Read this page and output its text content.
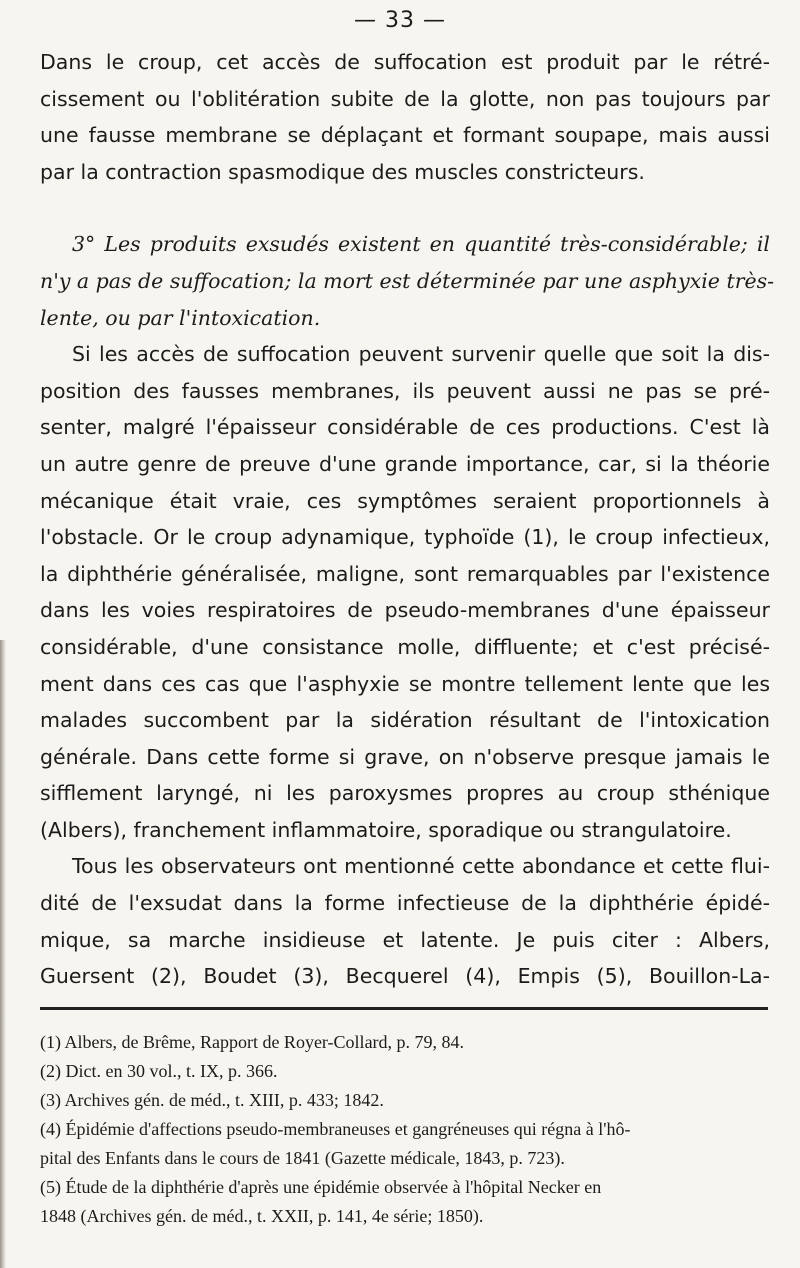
— 33 —
Dans le croup, cet accès de suffocation est produit par le rétré-
cissement ou l'oblitération subite de la glotte, non pas toujours par
une fausse membrane se déplaçant et formant soupape, mais aussi
par la contraction spasmodique des muscles constricteurs.
3° Les produits exsudés existent en quantité très-considérable; il
n'y a pas de suffocation; la mort est déterminée par une asphyxie très-
lente, ou par l'intoxication.
Si les accès de suffocation peuvent survenir quelle que soit la dis-
position des fausses membranes, ils peuvent aussi ne pas se pré-
senter, malgré l'épaisseur considérable de ces productions. C'est là
un autre genre de preuve d'une grande importance, car, si la théorie
mécanique était vraie, ces symptômes seraient proportionnels à
l'obstacle. Or le croup adynamique, typhoïde (1), le croup infectieux,
la diphthérie généralisée, maligne, sont remarquables par l'existence
dans les voies respiratoires de pseudo-membranes d'une épaisseur
considérable, d'une consistance molle, diffluente; et c'est précisé-
ment dans ces cas que l'asphyxie se montre tellement lente que les
malades succombent par la sidération résultant de l'intoxication
générale. Dans cette forme si grave, on n'observe presque jamais le
sifflement laryngé, ni les paroxysmes propres au croup sthénique
(Albers), franchement inflammatoire, sporadique ou strangulatoire.
Tous les observateurs ont mentionné cette abondance et cette flui-
dité de l'exsudat dans la forme infectieuse de la diphthérie épidé-
mique, sa marche insidieuse et latente. Je puis citer : Albers,
Guersent (2), Boudet (3), Becquerel (4), Empis (5), Bouillon-La-
(1) Albers, de Brême, Rapport de Royer-Collard, p. 79, 84.
(2) Dict. en 30 vol., t. IX, p. 366.
(3) Archives gén. de méd., t. XIII, p. 433; 1842.
(4) Épidémie d'affections pseudo-membraneuses et gangréneuses qui régna à l'hô-
pital des Enfants dans le cours de 1841 (Gazette médicale, 1843, p. 723).
(5) Étude de la diphthérie d'après une épidémie observée à l'hôpital Necker en
1848 (Archives gén. de méd., t. XXII, p. 141, 4e série; 1850).
